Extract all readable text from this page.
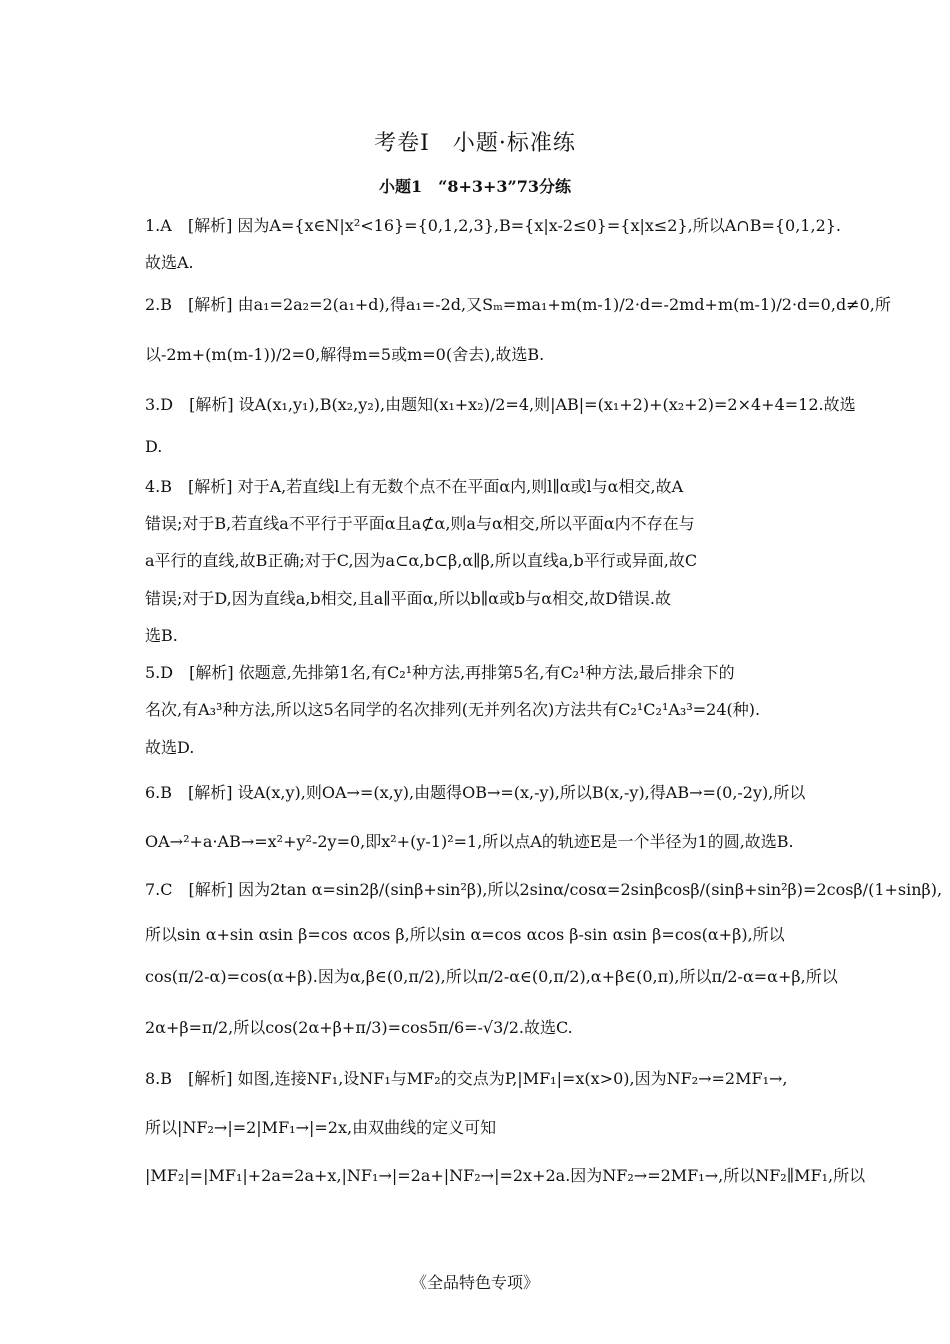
考卷I　小题·标准练
小题1　“8+3+3”73分练
1.A　[解析] 因为A={x∈N|x²<16}={0,1,2,3},B={x|x-2≤0}={x|x≤2},所以A∩B={0,1,2}.
故选A.
2.B　[解析] 由a₁=2a₂=2(a₁+d),得a₁=-2d,又Sₘ=ma₁+m(m-1)/2·d=-2md+m(m-1)/2·d=0,d≠0,所
以-2m+(m(m-1))/2=0,解得m=5或m=0(舍去),故选B.
3.D　[解析] 设A(x₁,y₁),B(x₂,y₂),由题知(x₁+x₂)/2=4,则|AB|=(x₁+2)+(x₂+2)=2×4+4=12.故选
D.
4.B　[解析] 对于A,若直线l上有无数个点不在平面α内,则l∥α或l与α相交,故A
错误;对于B,若直线a不平行于平面α且a⊄α,则a与α相交,所以平面α内不存在与
a平行的直线,故B正确;对于C,因为a⊂α,b⊂β,α∥β,所以直线a,b平行或异面,故C
错误;对于D,因为直线a,b相交,且a∥平面α,所以b∥α或b与α相交,故D错误.故
选B.
5.D　[解析] 依题意,先排第1名,有C₂¹种方法,再排第5名,有C₂¹种方法,最后排余下的
名次,有A₃³种方法,所以这5名同学的名次排列(无并列名次)方法共有C₂¹C₂¹A₃³=24(种).
故选D.
6.B　[解析] 设A(x,y),则OA→=(x,y),由题得OB→=(x,-y),所以B(x,-y),得AB→=(0,-2y),所以
OA→²+a·AB→=x²+y²-2y=0,即x²+(y-1)²=1,所以点A的轨迹E是一个半径为1的圆,故选B.
7.C　[解析] 因为2tan α=sin2β/(sinβ+sin²β),所以2sinα/cosα=2sinβcosβ/(sinβ+sin²β)=2cosβ/(1+sinβ),
所以sin α+sin αsin β=cos αcos β,所以sin α=cos αcos β-sin αsin β=cos(α+β),所以
cos(π/2-α)=cos(α+β).因为α,β∈(0,π/2),所以π/2-α∈(0,π/2),α+β∈(0,π),所以π/2-α=α+β,所以
2α+β=π/2,所以cos(2α+β+π/3)=cos5π/6=-√3/2.故选C.
8.B　[解析] 如图,连接NF₁,设NF₁与MF₂的交点为P,|MF₁|=x(x>0),因为NF₂→=2MF₁→,
所以|NF₂→|=2|MF₁→|=2x,由双曲线的定义可知
|MF₂|=|MF₁|+2a=2a+x,|NF₁→|=2a+|NF₂→|=2x+2a.因为NF₂→=2MF₁→,所以NF₂∥MF₁,所以
《全品特色专项》
